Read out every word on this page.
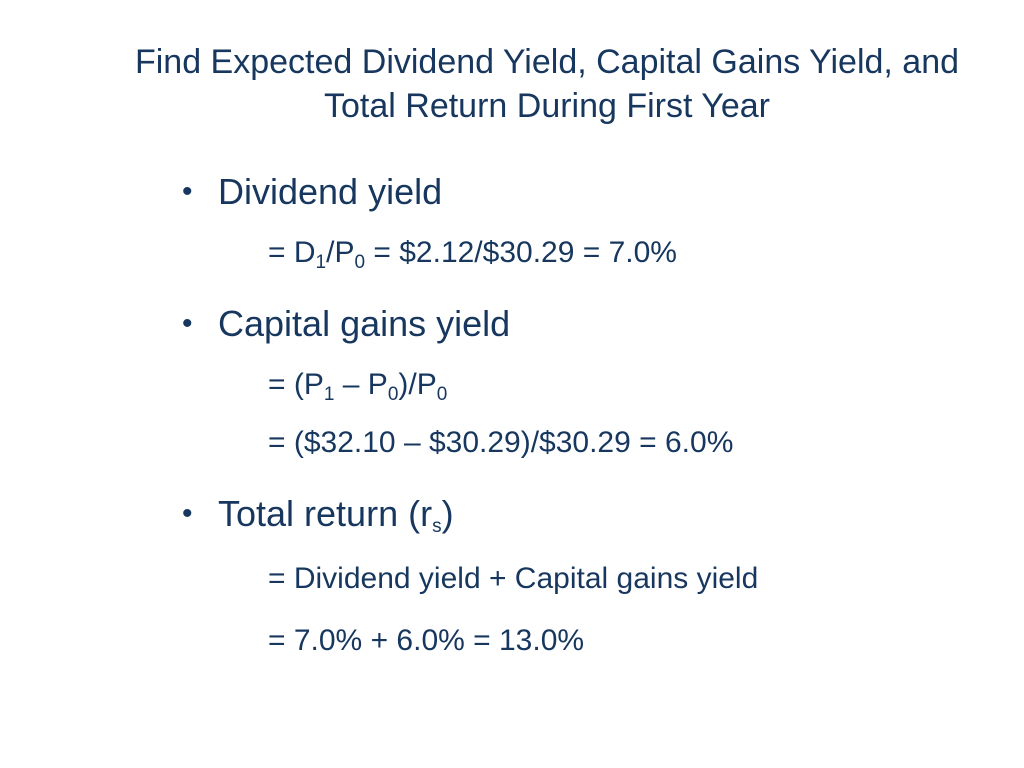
Find Expected Dividend Yield, Capital Gains Yield, and
Total Return During First Year
• Dividend yield
= $D_1/P_0$ = $2.12/$30.29 = 7.0%
• Capital gains yield
= $(P_1 - P_0)/P_0$
= ($32.10 – $30.29)/$30.29 = 6.0%
• Total return $(r_s)$
= Dividend yield + Capital gains yield
= 7.0% + 6.0% = 13.0%
